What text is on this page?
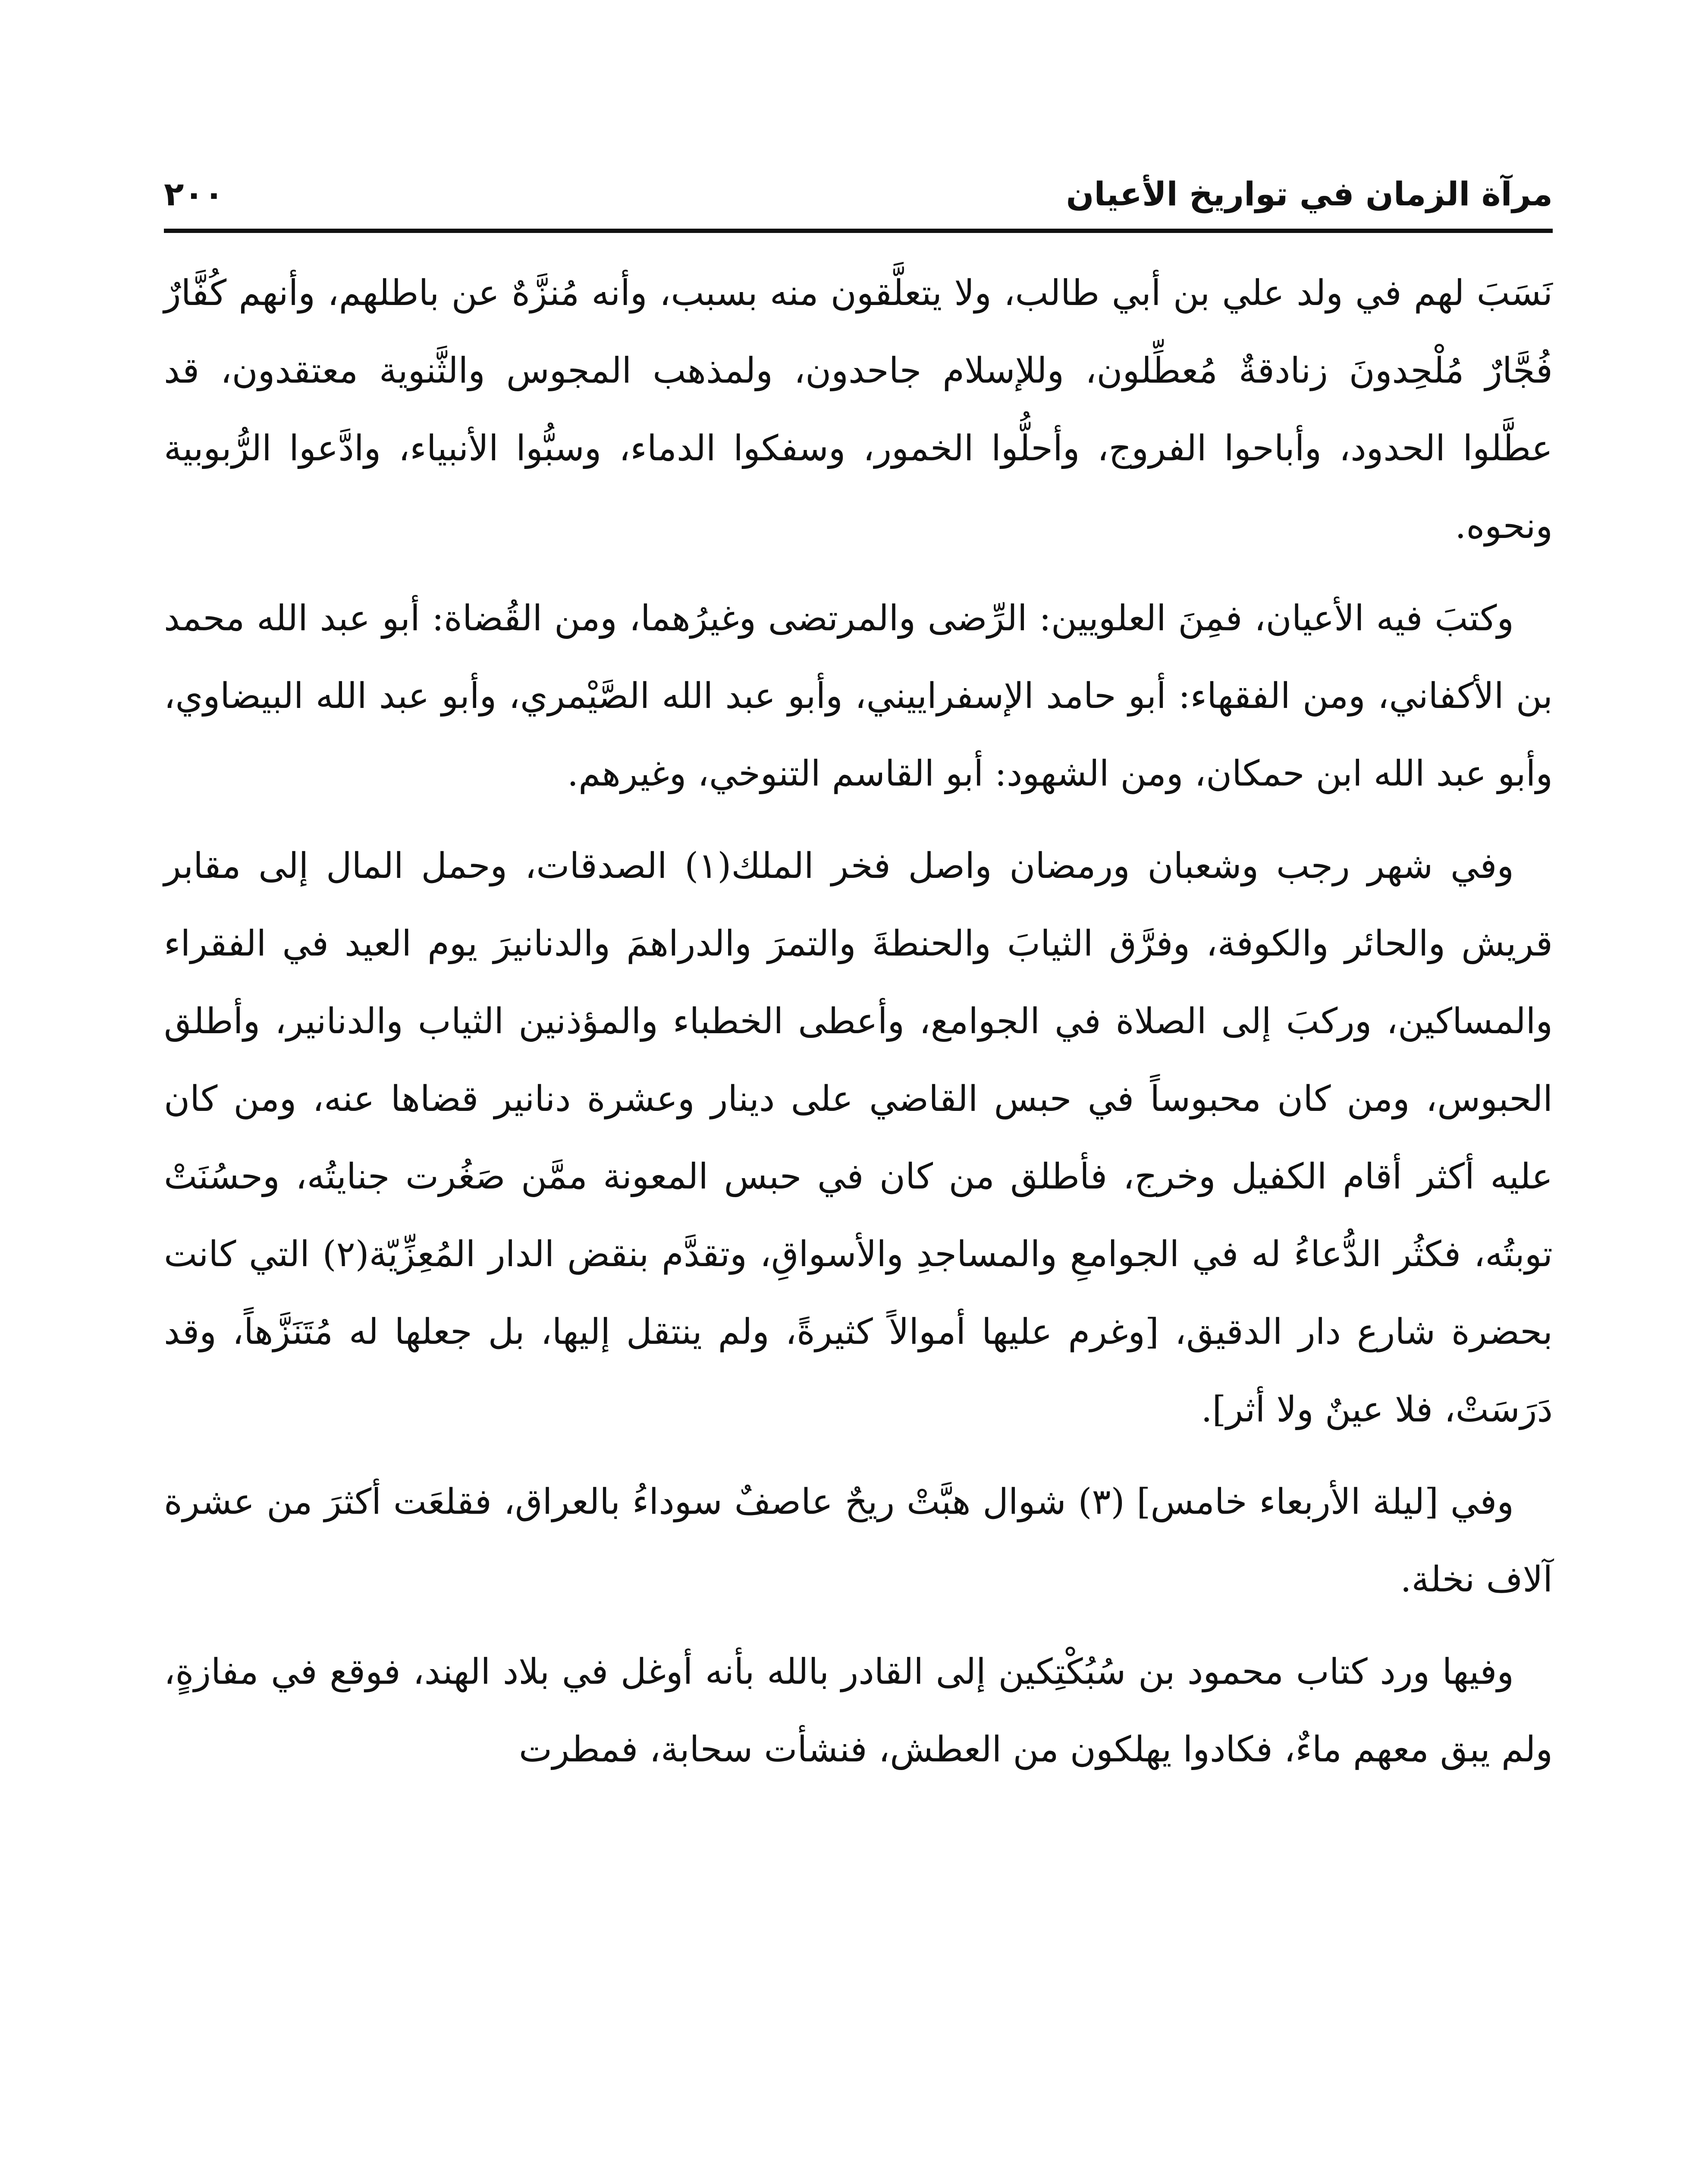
مرآة الزمان في تواريخ الأعيان
٢٠٠

نَسَبَ لهم في ولد علي بن أبي طالب، ولا يتعلَّقون منه بسبب، وأنه مُنزَّهٌ عن باطلهم، وأنهم كُفَّارٌ فُجَّارٌ مُلْحِدونَ زنادقةٌ مُعطِّلون، وللإسلام جاحدون، ولمذهب المجوس والثَّنوية معتقدون، قد عطَّلوا الحدود، وأباحوا الفروج، وأحلُّوا الخمور، وسفكوا الدماء، وسبُّوا الأنبياء، وادَّعوا الرُّبوبية ونحوه.

وكتبَ فيه الأعيان، فمِنَ العلويين: الرِّضى والمرتضى وغيرُهما، ومن القُضاة: أبو عبد الله محمد بن الأكفاني، ومن الفقهاء: أبو حامد الإسفراييني، وأبو عبد الله الصَّيْمري، وأبو عبد الله البيضاوي، وأبو عبد الله ابن حمكان، ومن الشهود: أبو القاسم التنوخي، وغيرهم.

وفي شهر رجب وشعبان ورمضان واصل فخر الملك(١) الصدقات، وحمل المال إلى مقابر قريش والحائر والكوفة، وفرَّق الثيابَ والحنطةَ والتمرَ والدراهمَ والدنانيرَ يوم العيد في الفقراء والمساكين، وركبَ إلى الصلاة في الجوامع، وأعطى الخطباء والمؤذنين الثياب والدنانير، وأطلق الحبوس، ومن كان محبوساً في حبس القاضي على دينار وعشرة دنانير قضاها عنه، ومن كان عليه أكثر أقام الكفيل وخرج، فأطلق من كان في حبس المعونة ممَّن صَغُرت جنايتُه، وحسُنَتْ توبتُه، فكثُر الدُّعاءُ له في الجوامعِ والمساجدِ والأسواقِ، وتقدَّم بنقض الدار المُعِزِّيّة(٢) التي كانت بحضرة شارع دار الدقيق، [وغرم عليها أموالاً كثيرةً، ولم ينتقل إليها، بل جعلها له مُتَنَزَّهاً، وقد دَرَسَتْ، فلا عينٌ ولا أثر].

وفي [ليلة الأربعاء خامس] (٣) شوال هبَّتْ ريحٌ عاصفٌ سوداءُ بالعراق، فقلعَت أكثرَ من عشرة آلاف نخلة.

وفيها ورد كتاب محمود بن سُبُكْتِكين إلى القادر بالله بأنه أوغل في بلاد الهند، فوقع في مفازةٍ، ولم يبق معهم ماءٌ، فكادوا يهلكون من العطش، فنشأت سحابة، فمطرت
